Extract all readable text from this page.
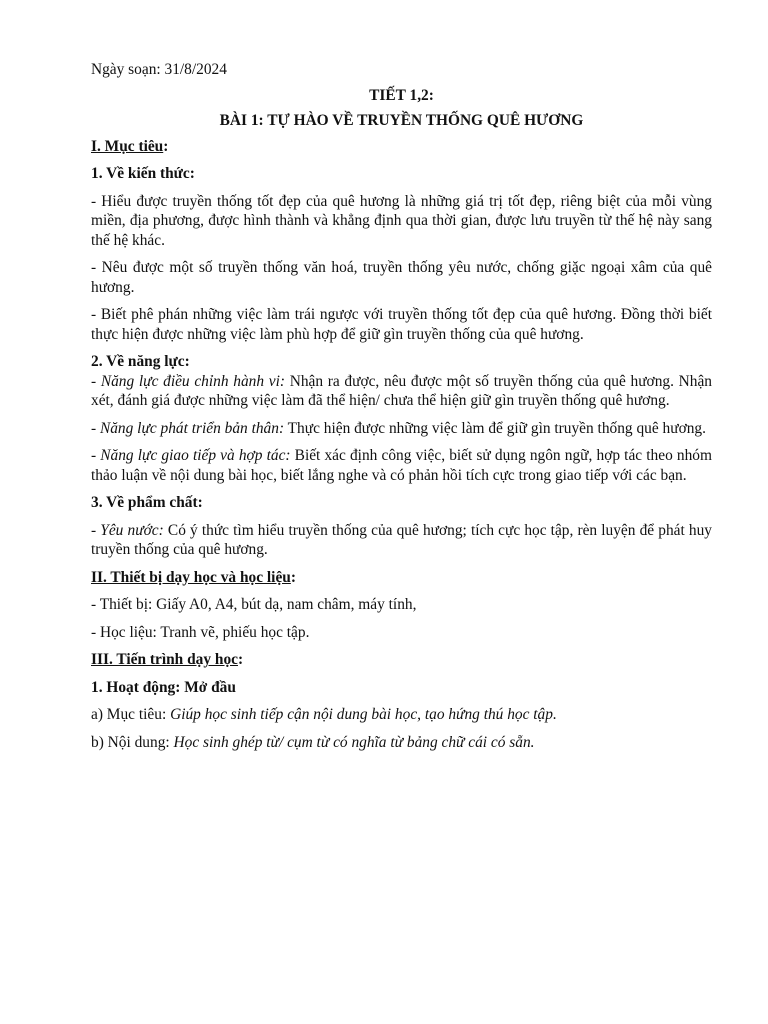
Ngày soạn: 31/8/2024

TIẾT 1,2:

BÀI 1: TỰ HÀO VỀ TRUYỀN THỐNG QUÊ HƯƠNG

I. Mục tiêu:

1. Về kiến thức:

- Hiểu được truyền thống tốt đẹp của quê hương là những giá trị tốt đẹp, riêng biệt của mỗi vùng miền, địa phương, được hình thành và khẳng định qua thời gian, được lưu truyền từ thế hệ này sang thế hệ khác.

- Nêu được một số truyền thống văn hoá, truyền thống yêu nước, chống giặc ngoại xâm của quê hương.

- Biết phê phán những việc làm trái ngược với truyền thống tốt đẹp của quê hương. Đồng thời biết thực hiện được những việc làm phù hợp để giữ gìn truyền thống của quê hương.

2. Về năng lực:

- Năng lực điều chỉnh hành vi: Nhận ra được, nêu được một số truyền thống của quê hương. Nhận xét, đánh giá được những việc làm đã thể hiện/ chưa thể hiện giữ gìn truyền thống quê hương.

- Năng lực phát triển bản thân: Thực hiện được những việc làm để giữ gìn truyền thống quê hương.

- Năng lực giao tiếp và hợp tác: Biết xác định công việc, biết sử dụng ngôn ngữ, hợp tác theo nhóm thảo luận về nội dung bài học, biết lắng nghe và có phản hồi tích cực trong giao tiếp với các bạn.

3. Về phẩm chất:

- Yêu nước: Có ý thức tìm hiểu truyền thống của quê hương; tích cực học tập, rèn luyện để phát huy truyền thống của quê hương.

II. Thiết bị dạy học và học liệu:

- Thiết bị: Giấy A0, A4, bút dạ, nam châm, máy tính,

- Học liệu: Tranh vẽ, phiếu học tập.

III. Tiến trình dạy học:

1. Hoạt động: Mở đầu

a) Mục tiêu: Giúp học sinh tiếp cận nội dung bài học, tạo hứng thú học tập.

b) Nội dung: Học sinh ghép từ/ cụm từ có nghĩa từ bảng chữ cái có sẵn.
